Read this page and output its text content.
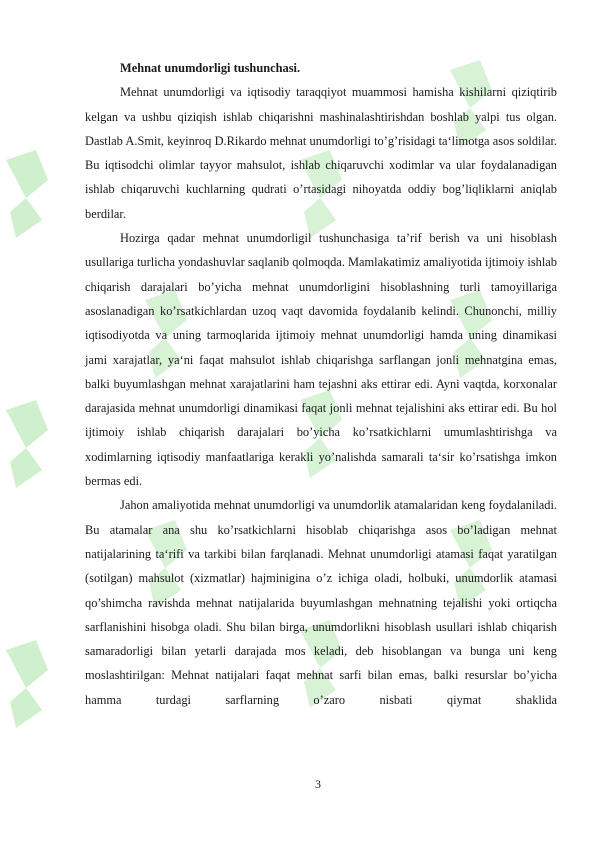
Mehnat unumdorligi tushunchasi.

Mehnat unumdorligi va iqtisodiy taraqqiyot muammosi hamisha kishilarni qiziqtirib kelgan va ushbu qiziqish ishlab chiqarishni mashinalashtirishdan boshlab yalpi tus olgan. Dastlab A.Smit, keyinroq D.Rikardo mehnat unumdorligi to’g’risidagi ta‘limotga asos soldilar. Bu iqtisodchi olimlar tayyor mahsulot, ishlab chiqaruvchi xodimlar va ular foydalanadigan ishlab chiqaruvchi kuchlarning qudrati o’rtasidagi nihoyatda oddiy bog’liqliklarni aniqlab berdilar.

Hozirga qadar mehnat unumdorligil tushunchasiga ta’rif berish va uni hisoblash usullariga turlicha yondashuvlar saqlanib qolmoqda. Mamlakatimiz amaliyotida ijtimoiy ishlab chiqarish darajalari bo’yicha mehnat unumdorligini hisoblashning turli tamoyillariga asoslanadigan ko’rsatkichlardan uzoq vaqt davomida foydalanib kelindi. Chunonchi, milliy iqtisodiyotda va uning tarmoqlarida ijtimoiy mehnat unumdorligi hamda uning dinamikasi jami xarajatlar, ya‘ni faqat mahsulot ishlab chiqarishga sarflangan jonli mehnatgina emas, balki buyumlashgan mehnat xarajatlarini ham tejashni aks ettirar edi. Ayni vaqtda, korxonalar darajasida mehnat unumdorligi dinamikasi faqat jonli mehnat tejalishini aks ettirar edi. Bu hol ijtimoiy ishlab chiqarish darajalari bo’yicha ko’rsatkichlarni umumlashtirishga va xodimlarning iqtisodiy manfaatlariga kerakli yo’nalishda samarali ta‘sir ko’rsatishga imkon bermas edi.

Jahon amaliyotida mehnat unumdorligi va unumdorlik atamalaridan keng foydalaniladi. Bu atamalar ana shu ko’rsatkichlarni hisoblab chiqarishga asos bo’ladigan mehnat natijalarining ta‘rifi va tarkibi bilan farqlanadi. Mehnat unumdorligi atamasi faqat yaratilgan (sotilgan) mahsulot (xizmatlar) hajminigina o’z ichiga oladi, holbuki, unumdorlik atamasi qo’shimcha ravishda mehnat natijalarida buyumlashgan mehnatning tejalishi yoki ortiqcha sarflanishini hisobga oladi. Shu bilan birga, unumdorlikni hisoblash usullari ishlab chiqarish samaradorligi bilan yetarli darajada mos keladi, deb hisoblangan va bunga uni keng moslashtirilgan: Mehnat natijalari faqat mehnat sarfi bilan emas, balki resurslar bo’yicha hamma turdagi sarflarning o’zaro nisbati qiymat shaklida

3
